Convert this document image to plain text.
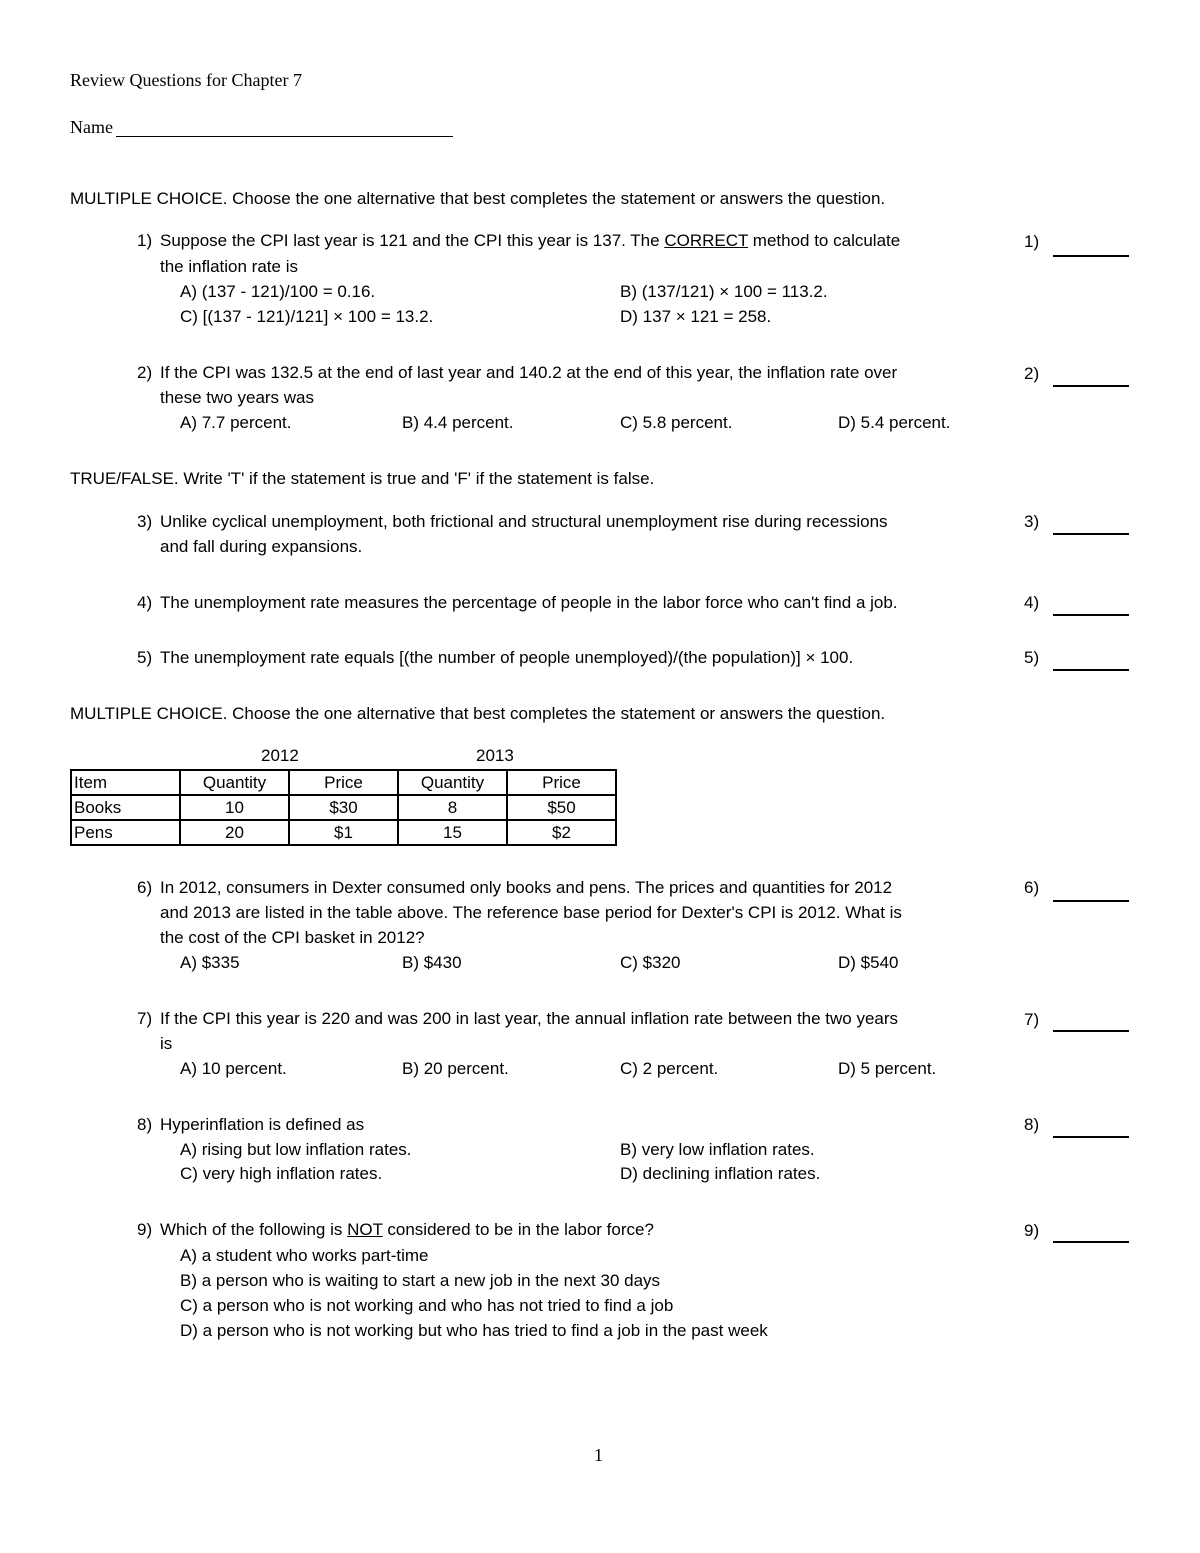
Review Questions for Chapter 7
Name
MULTIPLE CHOICE. Choose the one alternative that best completes the statement or answers the question.
1) Suppose the CPI last year is 121 and the CPI this year is 137. The CORRECT method to calculate
the inflation rate is
A) (137 - 121)/100 = 0.16.	B) (137/121) × 100 = 113.2.
C) [(137 - 121)/121] × 100 = 13.2.	D) 137 × 121 = 258.
1)
2) If the CPI was 132.5 at the end of last year and 140.2 at the end of this year, the inflation rate over
these two years was
A) 7.7 percent.	B) 4.4 percent.	C) 5.8 percent.	D) 5.4 percent.
2)
TRUE/FALSE. Write 'T' if the statement is true and 'F' if the statement is false.
3) Unlike cyclical unemployment, both frictional and structural unemployment rise during recessions
and fall during expansions.
3)
4) The unemployment rate measures the percentage of people in the labor force who can't find a job.	4)
5) The unemployment rate equals [(the number of people unemployed)/(the population)] × 100.	5)
MULTIPLE CHOICE. Choose the one alternative that best completes the statement or answers the question.
2012	2013
Item	Quantity	Price	Quantity	Price
Books	10	$30	8	$50
Pens	20	$1	15	$2
6) In 2012, consumers in Dexter consumed only books and pens. The prices and quantities for 2012
and 2013 are listed in the table above. The reference base period for Dexter's CPI is 2012. What is
the cost of the CPI basket in 2012?
A) $335	B) $430	C) $320	D) $540
6)
7) If the CPI this year is 220 and was 200 in last year, the annual inflation rate between the two years
is
A) 10 percent.	B) 20 percent.	C) 2 percent.	D) 5 percent.
7)
8) Hyperinflation is defined as
A) rising but low inflation rates.	B) very low inflation rates.
C) very high inflation rates.	D) declining inflation rates.
8)
9) Which of the following is NOT considered to be in the labor force?
A) a student who works part-time
B) a person who is waiting to start a new job in the next 30 days
C) a person who is not working and who has not tried to find a job
D) a person who is not working but who has tried to find a job in the past week
9)
1
